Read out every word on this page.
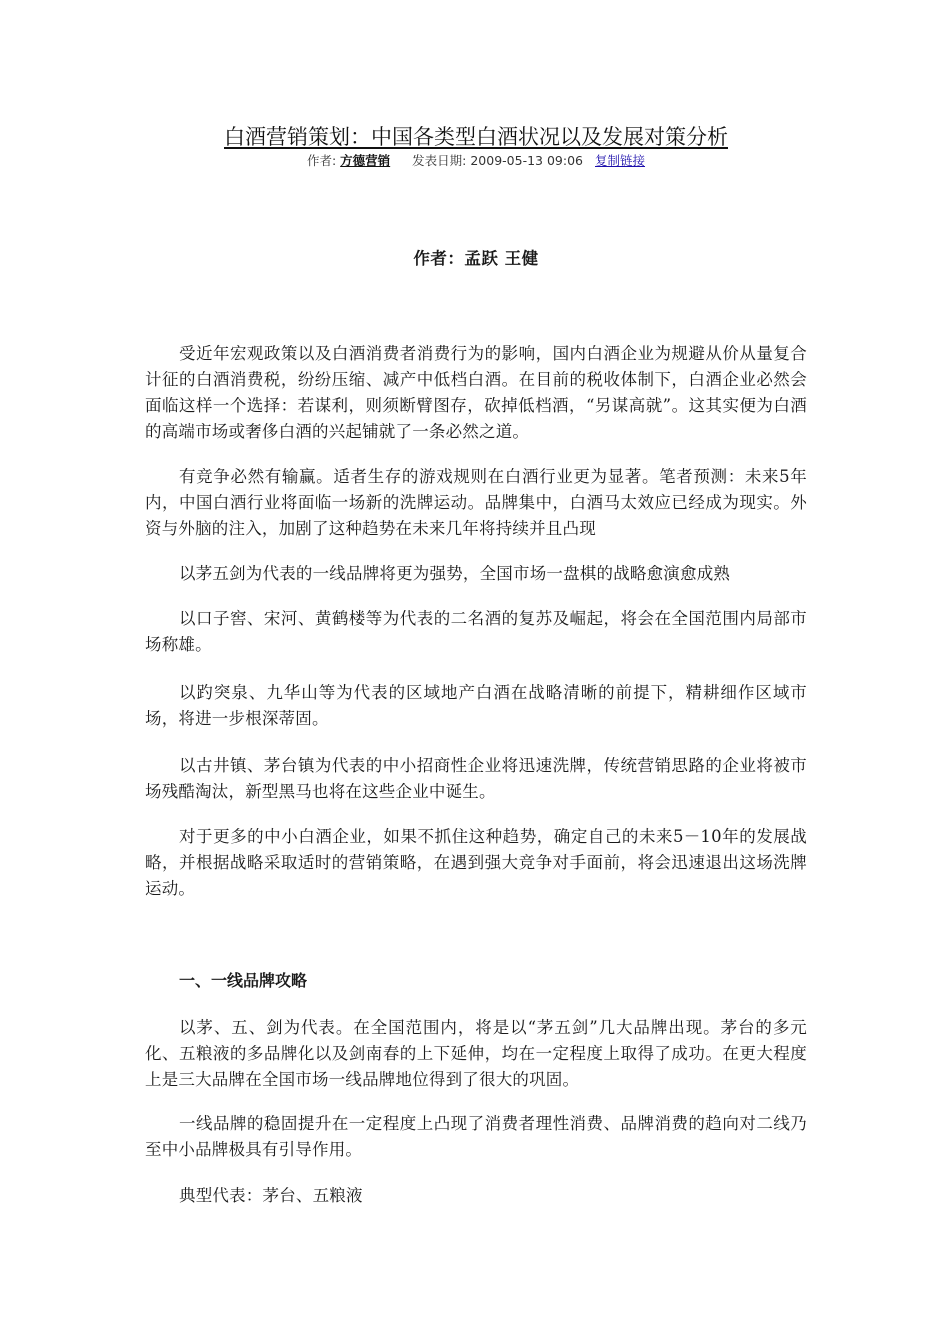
白酒营销策划：中国各类型白酒状况以及发展对策分析
作者: 方德营销 发表日期: 2009-05-13 09:06 复制链接
作者：孟跃 王健

受近年宏观政策以及白酒消费者消费行为的影响，国内白酒企业为规避从价从量复合计征的白酒消费税，纷纷压缩、减产中低档白酒。在目前的税收体制下，白酒企业必然会面临这样一个选择：若谋利，则须断臂图存，砍掉低档酒，“另谋高就”。这其实便为白酒的高端市场或奢侈白酒的兴起铺就了一条必然之道。

有竞争必然有输赢。适者生存的游戏规则在白酒行业更为显著。笔者预测：未来5年内，中国白酒行业将面临一场新的洗牌运动。品牌集中，白酒马太效应已经成为现实。外资与外脑的注入，加剧了这种趋势在未来几年将持续并且凸现

以茅五剑为代表的一线品牌将更为强势，全国市场一盘棋的战略愈演愈成熟

以口子窖、宋河、黄鹤楼等为代表的二名酒的复苏及崛起，将会在全国范围内局部市场称雄。

以趵突泉、九华山等为代表的区域地产白酒在战略清晰的前提下，精耕细作区域市场，将进一步根深蒂固。

以古井镇、茅台镇为代表的中小招商性企业将迅速洗牌，传统营销思路的企业将被市场残酷淘汰，新型黑马也将在这些企业中诞生。

对于更多的中小白酒企业，如果不抓住这种趋势，确定自己的未来5－10年的发展战略，并根据战略采取适时的营销策略，在遇到强大竞争对手面前，将会迅速退出这场洗牌运动。

一、一线品牌攻略

以茅、五、剑为代表。在全国范围内，将是以“茅五剑”几大品牌出现。茅台的多元化、五粮液的多品牌化以及剑南春的上下延伸，均在一定程度上取得了成功。在更大程度上是三大品牌在全国市场一线品牌地位得到了很大的巩固。

一线品牌的稳固提升在一定程度上凸现了消费者理性消费、品牌消费的趋向对二线乃至中小品牌极具有引导作用。

典型代表：茅台、五粮液
